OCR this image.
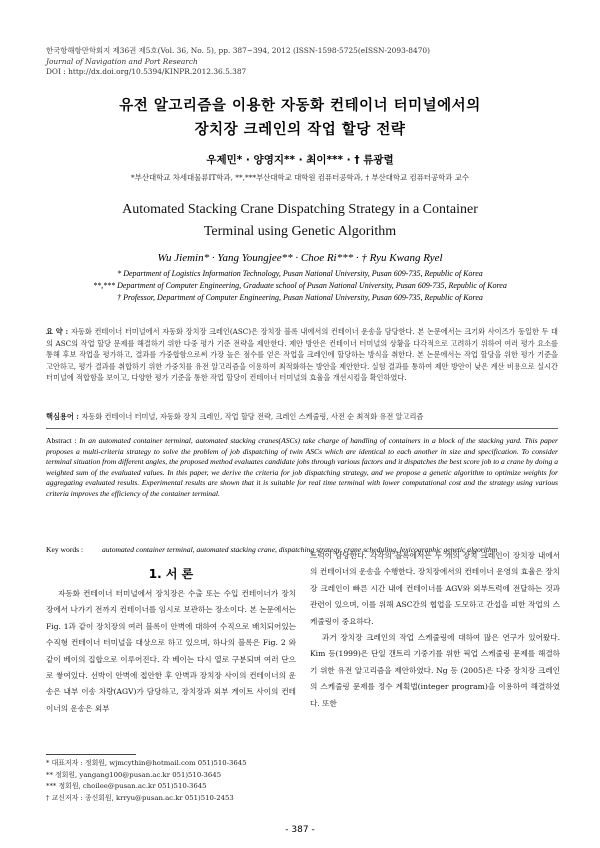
한국항해항만학회지 제36권 제5호(Vol. 36, No. 5), pp. 387~394, 2012 (ISSN-1598-5725(eISSN-2093-8470)
Journal of Navigation and Port Research
DOI : http://dx.doi.org/10.5394/KINPR.2012.36.5.387
유전 알고리즘을 이용한 자동화 컨테이너 터미널에서의
장치장 크레인의 작업 할당 전략
우제민* · 양영지** · 최이*** · † 류광렬
*부산대학교 차세대물류IT학과, **,***부산대학교 대학원 컴퓨터공학과, † 부산대학교 컴퓨터공학과 교수
Automated Stacking Crane Dispatching Strategy in a Container
Terminal using Genetic Algorithm
Wu Jiemin* · Yang Youngjee** · Choe Ri*** · † Ryu Kwang Ryel
* Department of Logistics Information Technology, Pusan National University, Pusan 609-735, Republic of Korea
**,*** Department of Computer Engineering, Graduate school of Pusan National University, Pusan 609-735, Republic of Korea
† Professor, Department of Computer Engineering, Pusan National University, Pusan 609-735, Republic of Korea
요 약 : 자동화 컨테이너 터미널에서 자동화 장치장 크레인(ASC)은 장치장 블록 내에서의 컨테이너 운송을 담당한다. 본 논문에서는 크기와 사이즈가 동일한 두 대의 ASC의 작업 할당 문제를 해결하기 위한 다중 평가 기준 전략을 제안한다. 제안 방안은 컨테이너 터미널의 상황을 다각적으로 고려하기 위하여 여러 평가 요소를 통해 후보 작업을 평가하고, 결과를 가중합함으로써 가장 높은 점수를 얻은 작업을 크레인에 할당하는 방식을 취한다. 본 논문에서는 작업 할당을 위한 평가 기준을 고안하고, 평가 결과를 취합하기 위한 가중치를 유전 알고리즘을 이용하여 최적화하는 방안을 제안한다. 실험 결과를 통하여 제안 방안이 낮은 계산 비용으로 실시간 터미널에 적합함을 보이고, 다양한 평가 기준을 통한 작업 할당이 컨테이너 터미널의 효율을 개선시킴을 확인하였다.
핵심용어 : 자동화 컨테이너 터미널, 자동화 장치 크레인, 작업 할당 전략, 크레인 스케줄링, 사전 순 최적화 유전 알고리즘
Abstract : In an automated container terminal, automated stacking cranes(ASCs) take charge of handling of containers in a block of the stacking yard. This paper proposes a multi-criteria strategy to solve the problem of job dispatching of twin ASCs which are identical to each another in size and specification. To consider terminal situation from different angles, the proposed method evaluates candidate jobs through various factors and it dispatches the best score job to a crane by doing a weighted sum of the evaluated values. In this paper, we derive the criteria for job dispatching strategy, and we propose a genetic algorithm to optimize weights for aggregating evaluated results. Experimental results are shown that it is suitable for real time terminal with lower computational cost and the strategy using various criteria improves the efficiency of the container terminal.
Key words :automated container terminal, automated stacking crane, dispatching strategy, crane scheduling, lexicographic genetic algorithm
1. 서 론

자동화 컨테이너 터미널에서 장치장은 수출 또는 수입 컨테이너가 장치장에서 나가기 전까지 컨테이너를 임시로 보관하는 장소이다. 본 논문에서는 Fig. 1과 같이 장치장의 여러 블록이 안벽에 대하여 수직으로 배치되어있는 수직형 컨테이너 터미널을 대상으로 하고 있으며, 하나의 블록은 Fig. 2 와 같이 베이의 집합으로 이루어진다. 각 베이는 다시 열로 구분되며 여러 단으로 쌓여있다. 선박이 안벽에 접안한 후 안벽과 장치장 사이의 컨테이너의 운송은 내부 이송 차량(AGV)가 담당하고, 장치장과 외부 게이트 사이의 컨테이너의 운송은 외부

트럭이 담당한다. 각각의 블록에서는 두 개의 장치 크레인이 장치장 내에서의 컨테이너의 운송을 수행한다. 장치장에서의 컨테이너 운영의 효율은 장치장 크레인이 빠른 시간 내에 컨테이너를 AGV와 외부트럭에 전달하는 것과 관련이 있으며, 이를 위해 ASC간의 협업을 도모하고 간섭을 피한 작업의 스케줄링이 중요하다.

과거 장치장 크레인의 작업 스케줄링에 대하여 많은 연구가 있어왔다. Kim 등(1999)은 단일 갠트리 기중기를 위한 픽업 스케줄링 문제를 해결하기 위한 유전 알고리즘을 제안하였다. Ng 등 (2005)은 다중 장치장 크레인의 스케줄링 문제를 정수 계획법(integer program)을 이용하여 해결하였다. 또한

* 대표저자 : 정회원, wjmcythin@hotmail.com 051)510-3645
** 정회원, yangang100@pusan.ac.kr 051)510-3645
*** 정회원, choilee@pusan.ac.kr 051)510-3645
† 교신저자 : 종신회원, krryu@pusan.ac.kr 051)510-2453
- 387 -
